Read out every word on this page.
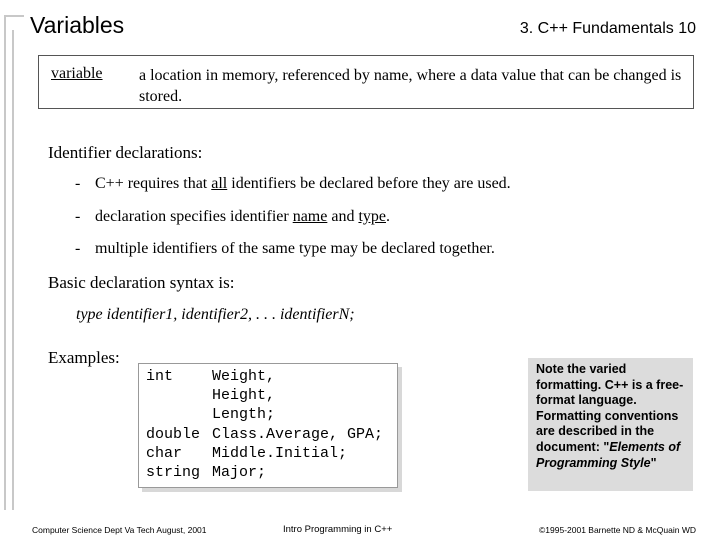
Variables	3. C++ Fundamentals 10
variable a location in memory, referenced by name, where a data value that can be changed is stored.
Identifier declarations:
- C++ requires that all identifiers be declared before they are used.
- declaration specifies identifier name and type.
- multiple identifiers of the same type may be declared together.
Basic declaration syntax is:
type identifier1, identifier2, . . . identifierN;
Examples:
int	Weight,
Height,
Length;
double Class.Average, GPA;
char Middle.Initial;
string Major;
Note the varied formatting. C++ is a free-format language. Formatting conventions are described in the document: "Elements of Programming Style"
Computer Science Dept Va Tech August, 2001	Intro Programming in C++	©1995-2001 Barnette ND & McQuain WD
